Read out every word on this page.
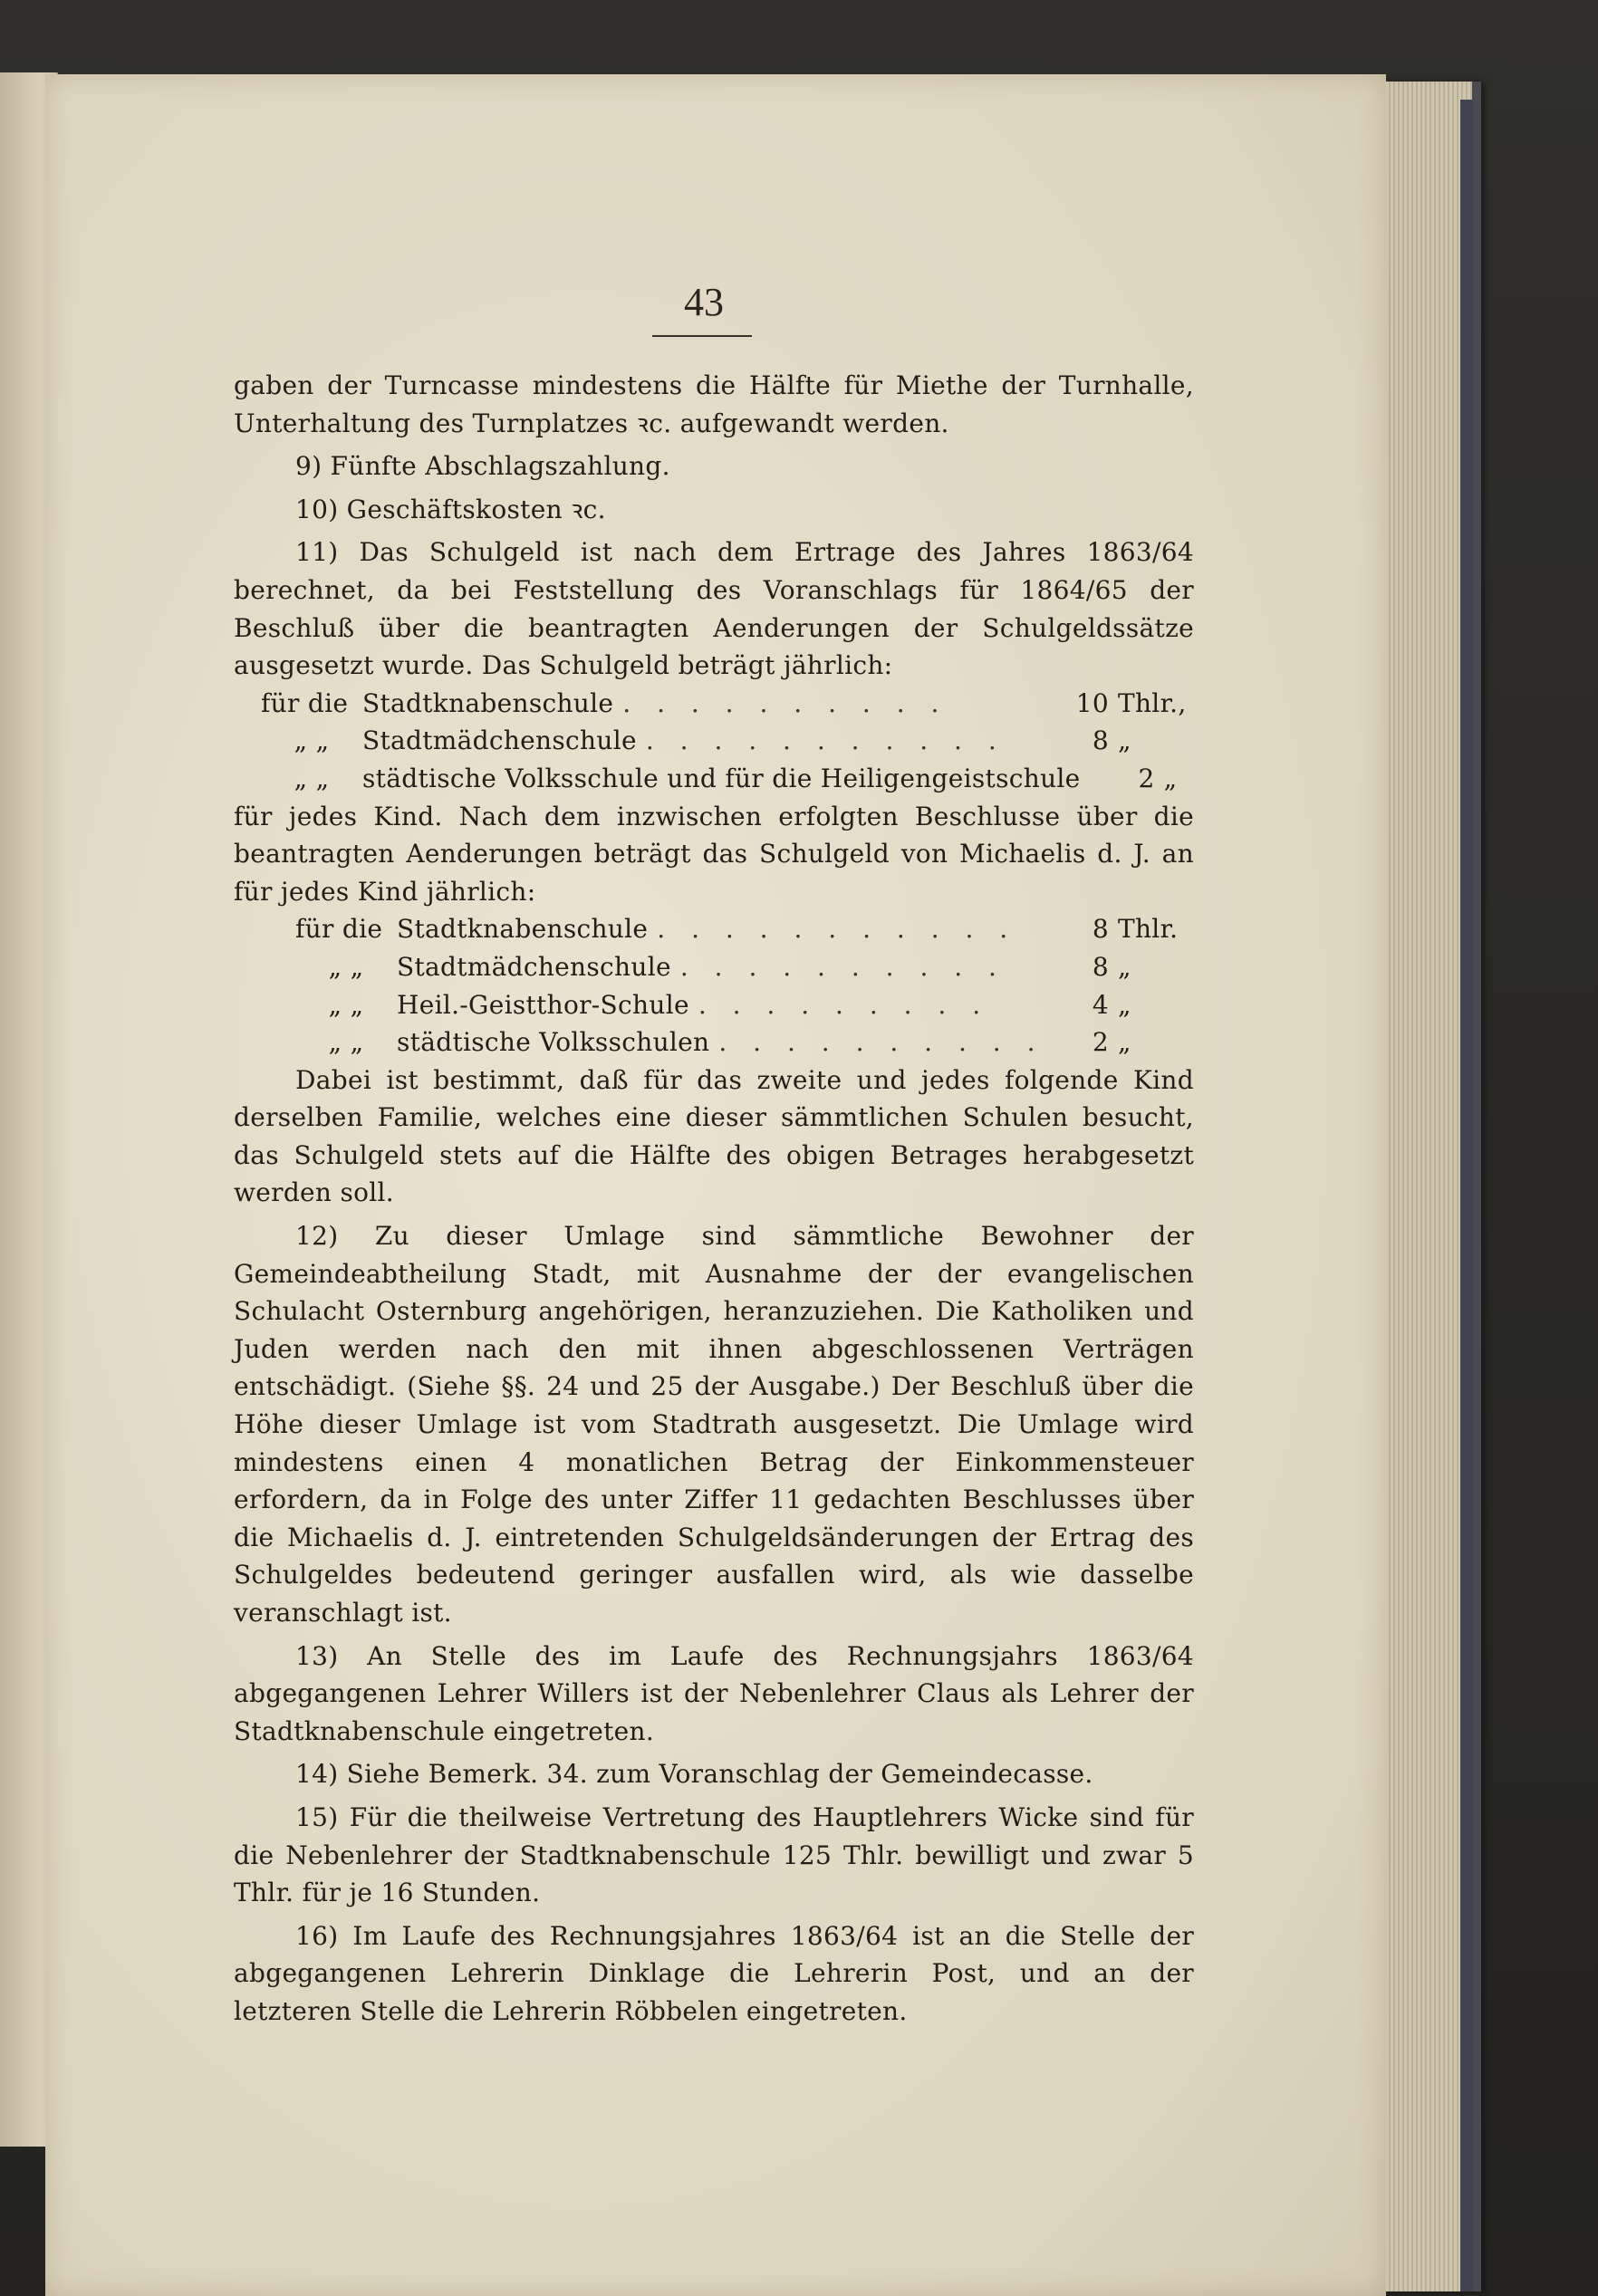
43

gaben der Turncasse mindestens die Hälfte für Miethe der Turnhalle, Unterhaltung des Turnplatzes ꝛc. aufgewandt werden.

9) Fünfte Abschlagszahlung.

10) Geschäftskosten ꝛc.

11) Das Schulgeld ist nach dem Ertrage des Jahres 1863/64 berechnet, da bei Feststellung des Voranschlags für 1864/65 der Beschluß über die beantragten Aenderungen der Schulgeldssätze ausgesetzt wurde. Das Schulgeld beträgt jährlich:

für die Stadtknabenschule . . . . . . . . . .	10 Thlr.,
„ „	Stadtmädchenschule . . . . . . . . . . .	8 „
„ „	städtische Volksschule und für die Heiligengeistschule	2 „

für jedes Kind. Nach dem inzwischen erfolgten Beschlusse über die beantragten Aenderungen beträgt das Schulgeld von Michaelis d. J. an für jedes Kind jährlich:

für die Stadtknabenschule . . . . . . . . . . .	8 Thlr.
„ „	Stadtmädchenschule . . . . . . . . . .	8 „
„ „	Heil.-Geistthor-Schule . . . . . . . . .	4 „
„ „	städtische Volksschulen . . . . . . . . . .	2 „

Dabei ist bestimmt, daß für das zweite und jedes folgende Kind derselben Familie, welches eine dieser sämmtlichen Schulen besucht, das Schulgeld stets auf die Hälfte des obigen Betrages herabgesetzt werden soll.

12) Zu dieser Umlage sind sämmtliche Bewohner der Gemeindeabtheilung Stadt, mit Ausnahme der der evangelischen Schulacht Osternburg angehörigen, heranzuziehen. Die Katholiken und Juden werden nach den mit ihnen abgeschlossenen Verträgen entschädigt. (Siehe §§. 24 und 25 der Ausgabe.) Der Beschluß über die Höhe dieser Umlage ist vom Stadtrath ausgesetzt. Die Umlage wird mindestens einen 4 monatlichen Betrag der Einkommensteuer erfordern, da in Folge des unter Ziffer 11 gedachten Beschlusses über die Michaelis d. J. eintretenden Schulgeldsänderungen der Ertrag des Schulgeldes bedeutend geringer ausfallen wird, als wie dasselbe veranschlagt ist.

13) An Stelle des im Laufe des Rechnungsjahrs 1863/64 abgegangenen Lehrer Willers ist der Nebenlehrer Claus als Lehrer der Stadtknabenschule eingetreten.

14) Siehe Bemerk. 34. zum Voranschlag der Gemeindecasse.

15) Für die theilweise Vertretung des Hauptlehrers Wicke sind für die Nebenlehrer der Stadtknabenschule 125 Thlr. bewilligt und zwar 5 Thlr. für je 16 Stunden.

16) Im Laufe des Rechnungsjahres 1863/64 ist an die Stelle der abgegangenen Lehrerin Dinklage die Lehrerin Post, und an der letzteren Stelle die Lehrerin Röbbelen eingetreten.
